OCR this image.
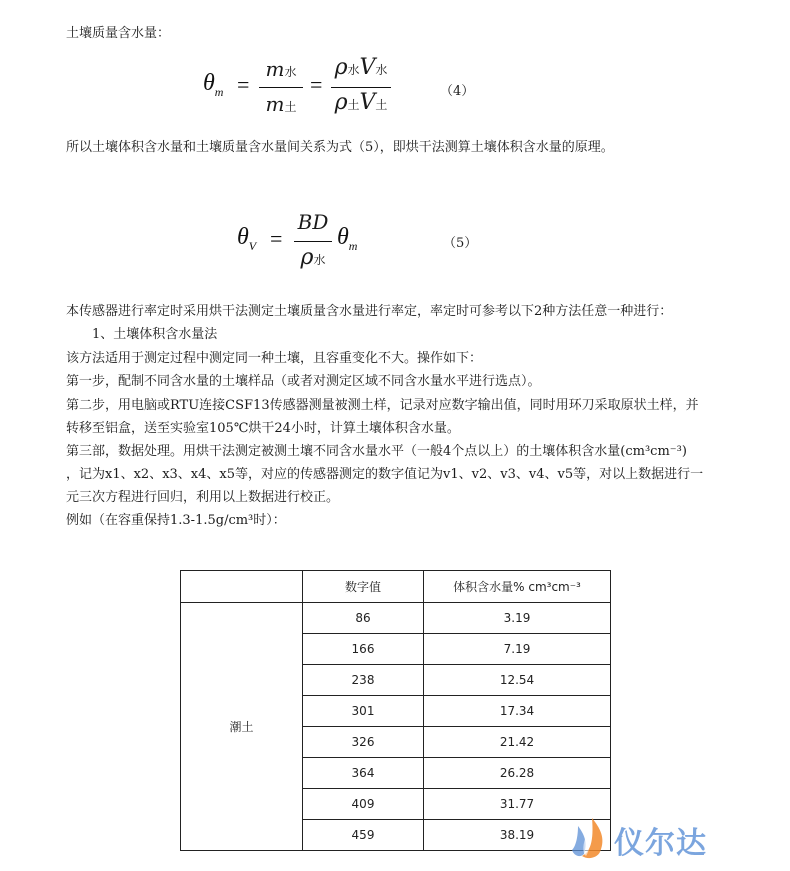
土壤质量含水量：
$\theta_m$ =
m水
m土
=
ρ水V水
ρ土V土
（4）
所以土壤体积含水量和土壤质量含水量间关系为式（5），即烘干法测算土壤体积含水量的原理。
$\theta_V$ =
BD
ρ水
$\theta_m$	（5）
本传感器进行率定时采用烘干法测定土壤质量含水量进行率定，率定时可参考以下2种方法任意一种进行：
　　1、土壤体积含水量法
该方法适用于测定过程中测定同一种土壤，且容重变化不大。操作如下：
第一步，配制不同含水量的土壤样品（或者对测定区域不同含水量水平进行选点）。
第二步，用电脑或RTU连接CSF13传感器测量被测土样，记录对应数字输出值，同时用环刀采取原状土样，并
转移至铝盒，送至实验室105℃烘干24小时，计算土壤体积含水量。
第三部，数据处理。用烘干法测定被测土壤不同含水量水平（一般4个点以上）的土壤体积含水量(cm³cm⁻³)
，记为x1、x2、x3、x4、x5等，对应的传感器测定的数字值记为v1、v2、v3、v4、v5等，对以上数据进行一
元三次方程进行回归，利用以上数据进行校正。
例如（在容重保持1.3-1.5g/cm³时）：
	数字值	体积含水量% cm³cm⁻³
潮土	86	3.19
	166	7.19
	238	12.54
	301	17.34
	326	21.42
	364	26.28
	409	31.77
	459	38.19	仪尔达
